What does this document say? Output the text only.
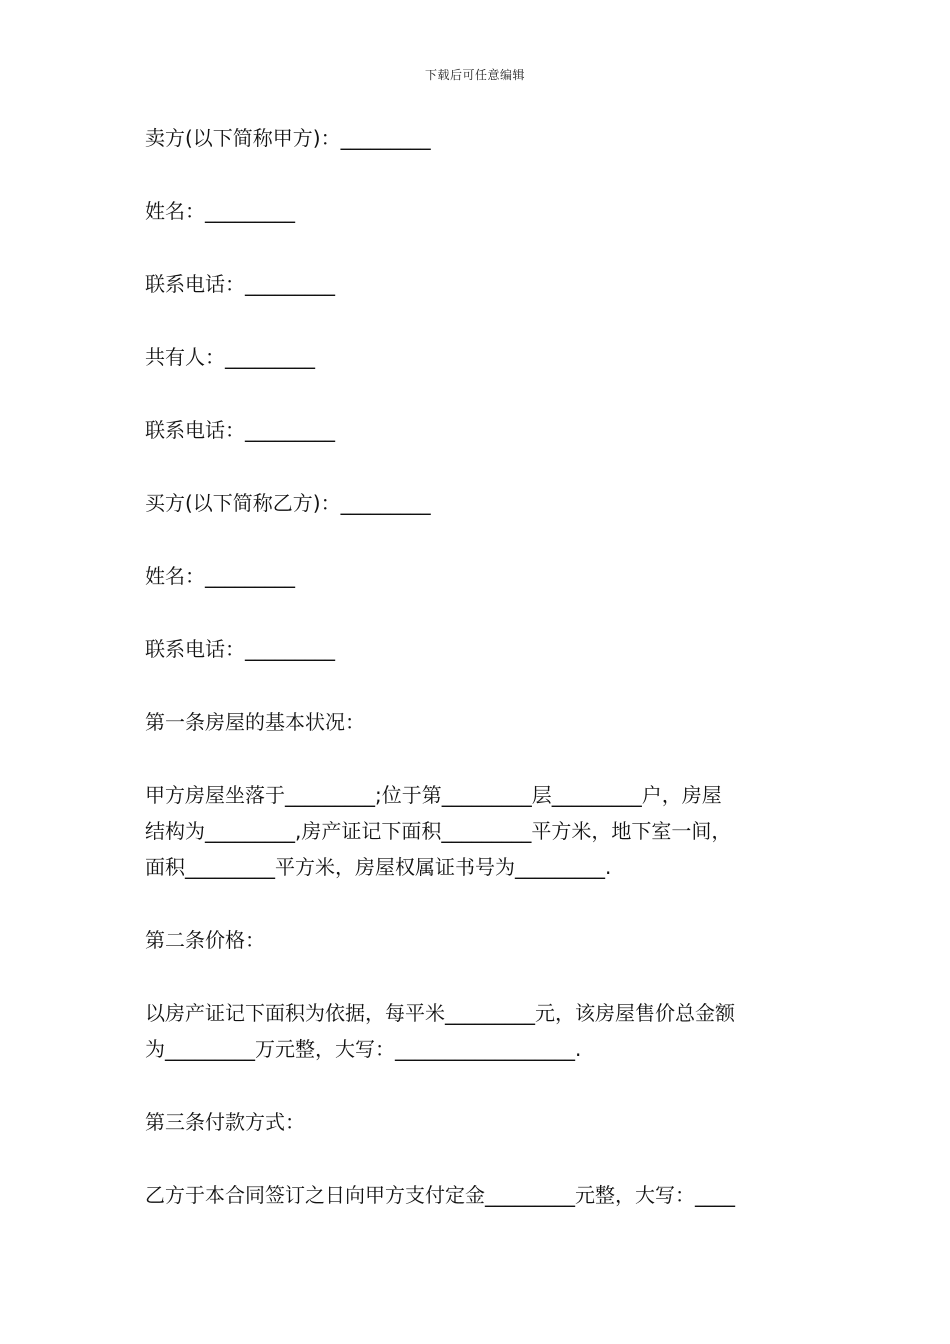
下载后可任意编辑

卖方(以下简称甲方)：_________

姓名：_________

联系电话：_________

共有人：_________

联系电话：_________

买方(以下简称乙方)：_________

姓名：_________

联系电话：_________

第一条房屋的基本状况：

甲方房屋坐落于_________;位于第_________层_________户，房屋

结构为_________,房产证记下面积_________平方米，地下室一间，

面积_________平方米，房屋权属证书号为_________.

第二条价格：

以房产证记下面积为依据，每平米_________元，该房屋售价总金额

为_________万元整，大写：__________________.

第三条付款方式：

乙方于本合同签订之日向甲方支付定金_________元整，大写：____
